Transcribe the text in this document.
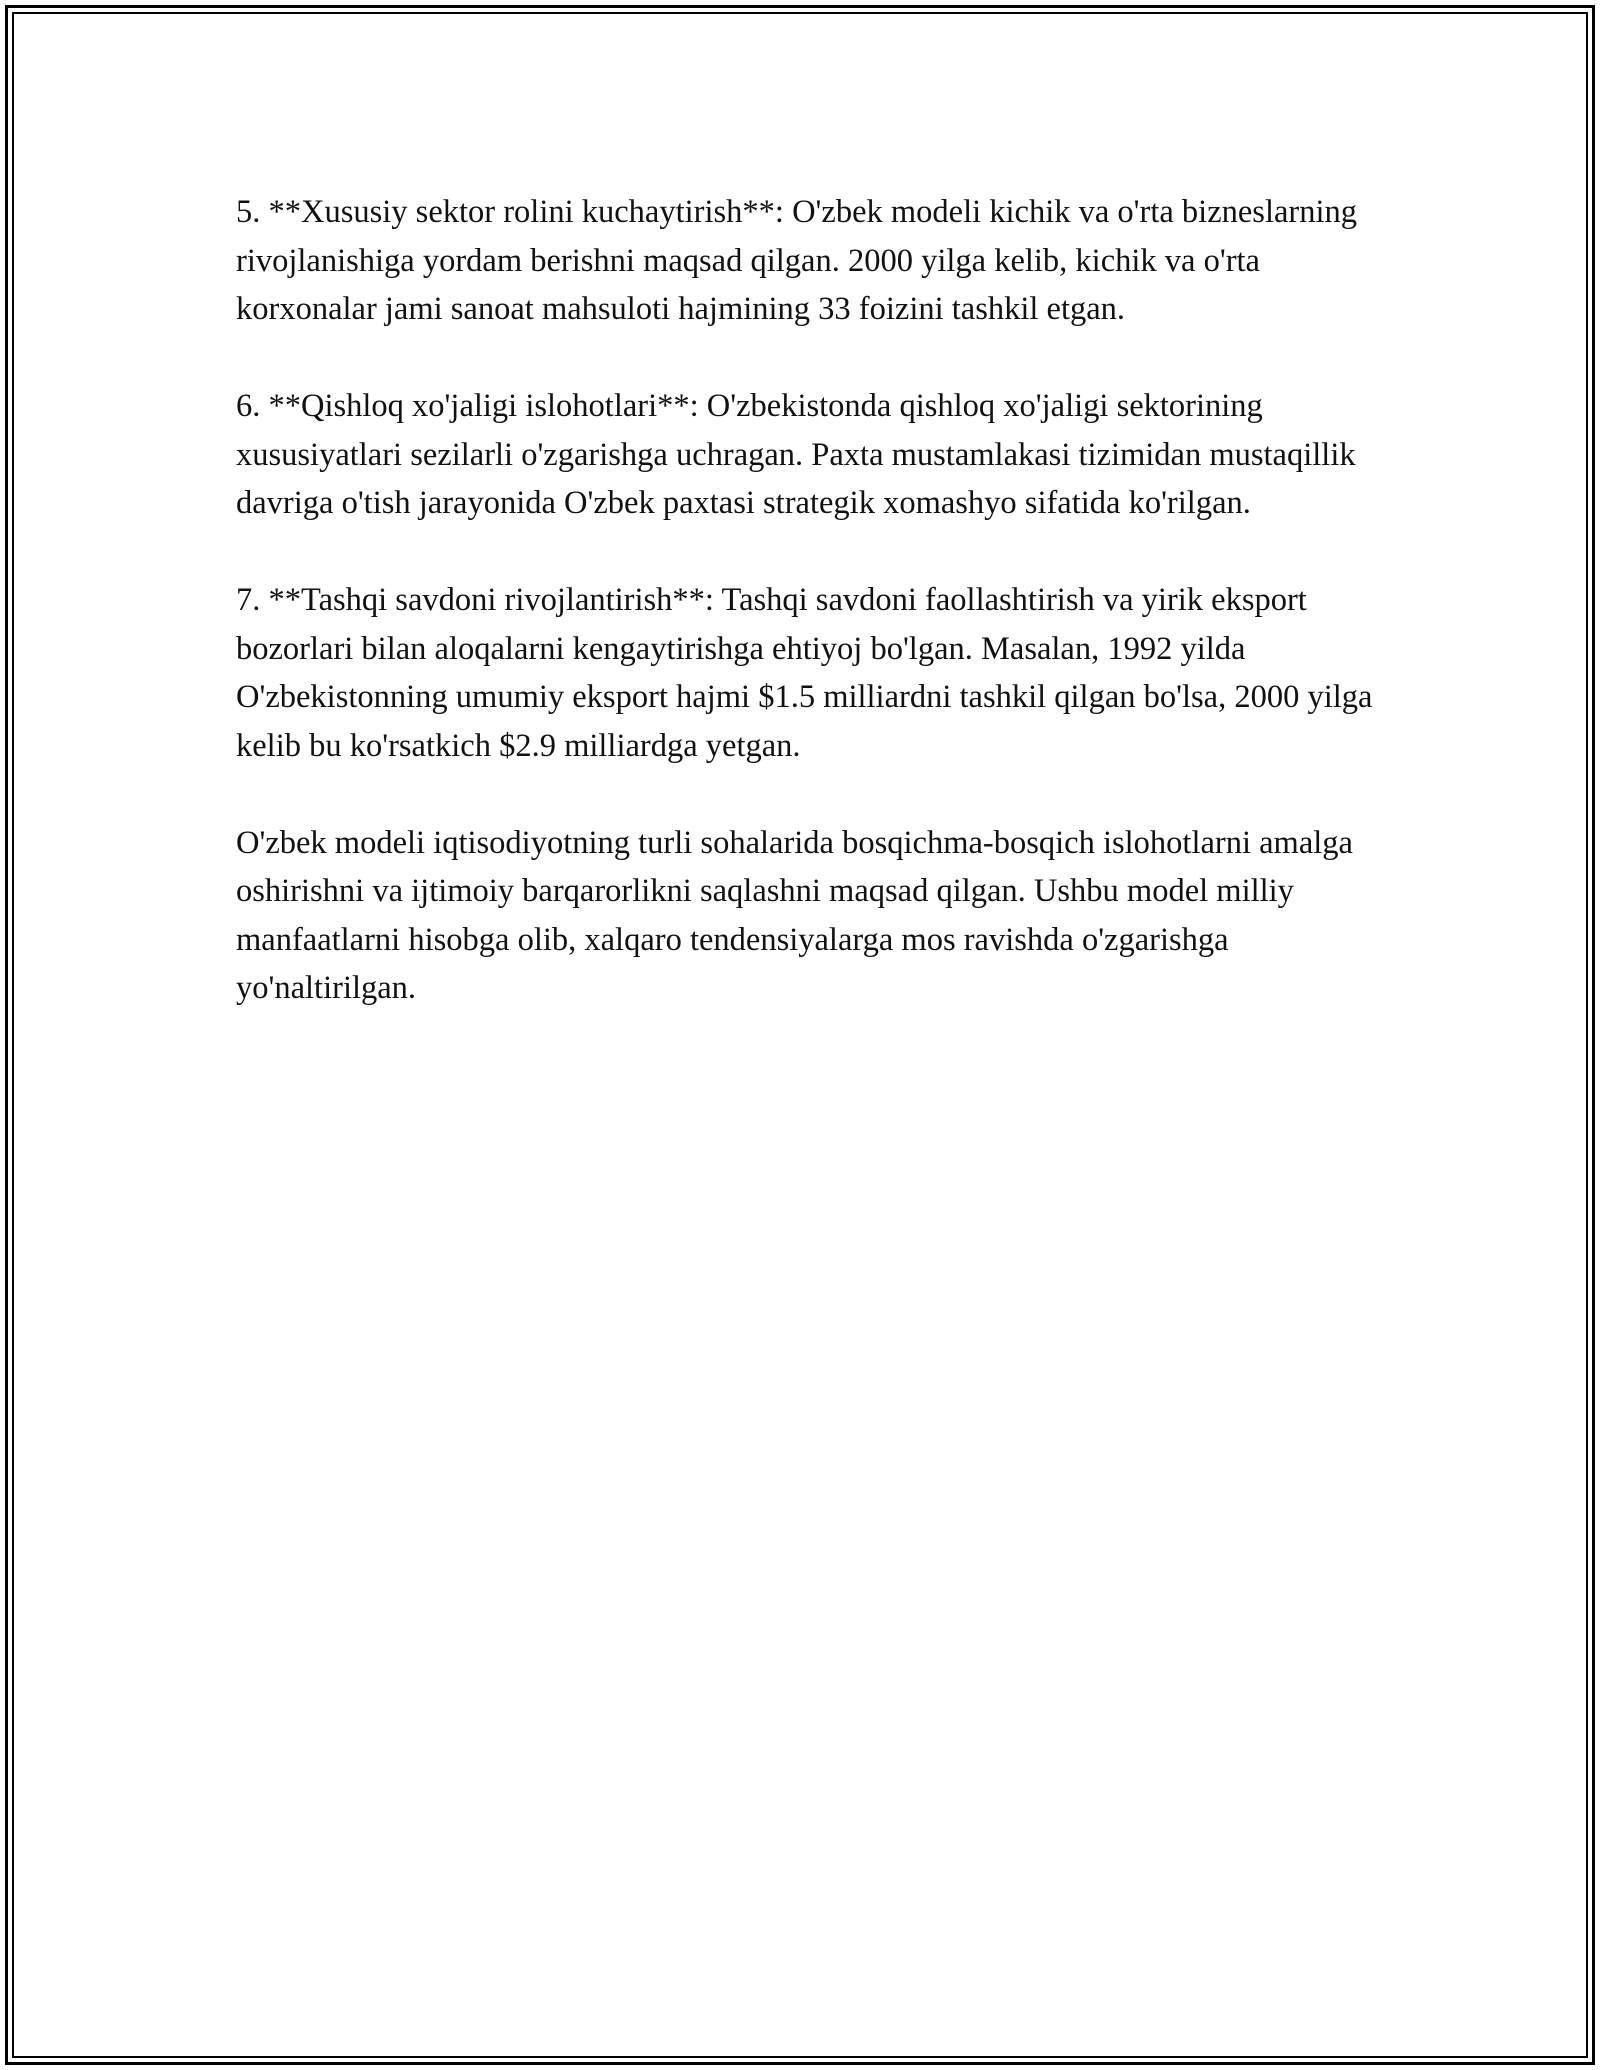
5. **Xususiy sektor rolini kuchaytirish**: O'zbek modeli kichik va o'rta bizneslarning rivojlanishiga yordam berishni maqsad qilgan. 2000 yilga kelib, kichik va o'rta korxonalar jami sanoat mahsuloti hajmining 33 foizini tashkil etgan.

6. **Qishloq xo'jaligi islohotlari**: O'zbekistonda qishloq xo'jaligi sektorining xususiyatlari sezilarli o'zgarishga uchragan. Paxta mustamlakasi tizimidan mustaqillik davriga o'tish jarayonida O'zbek paxtasi strategik xomashyo sifatida ko'rilgan.

7. **Tashqi savdoni rivojlantirish**: Tashqi savdoni faollashtirish va yirik eksport bozorlari bilan aloqalarni kengaytirishga ehtiyoj bo'lgan. Masalan, 1992 yilda O'zbekistonning umumiy eksport hajmi $1.5 milliardni tashkil qilgan bo'lsa, 2000 yilga kelib bu ko'rsatkich $2.9 milliardga yetgan.

O'zbek modeli iqtisodiyotning turli sohalarida bosqichma-bosqich islohotlarni amalga oshirishni va ijtimoiy barqarorlikni saqlashni maqsad qilgan. Ushbu model milliy manfaatlarni hisobga olib, xalqaro tendensiyalarga mos ravishda o'zgarishga yo'naltirilgan.
